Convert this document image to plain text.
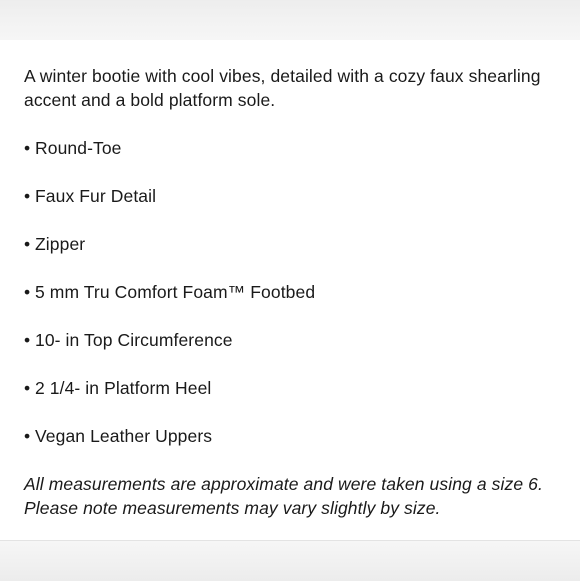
A winter bootie with cool vibes, detailed with a cozy faux shearling accent and a bold platform sole.

• Round-Toe
• Faux Fur Detail
• Zipper
• 5 mm Tru Comfort Foam™ Footbed
• 10- in Top Circumference
• 2 1/4- in Platform Heel
• Vegan Leather Uppers

All measurements are approximate and were taken using a size 6. Please note measurements may vary slightly by size.
